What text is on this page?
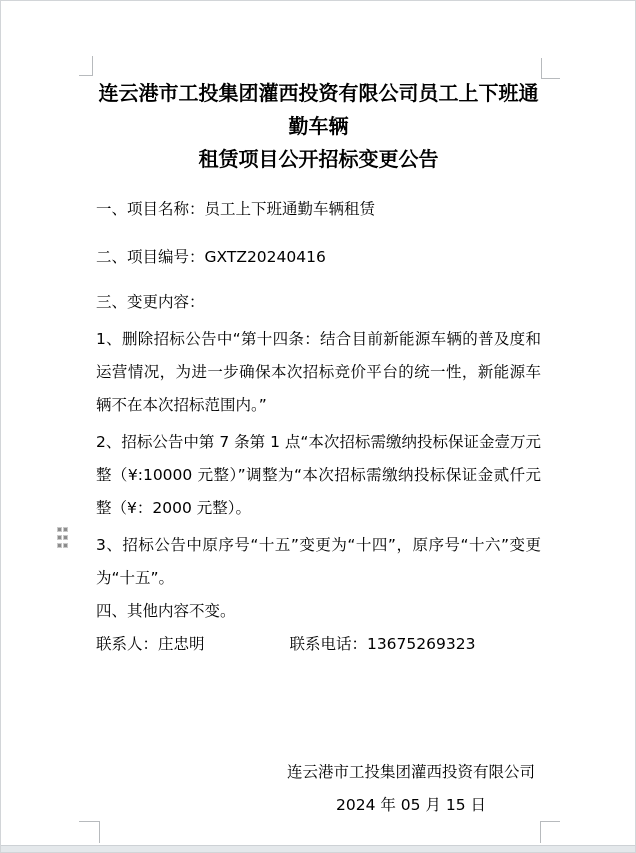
连云港市工投集团灌西投资有限公司员工上下班通勤车辆
租赁项目公开招标变更公告

一、项目名称：员工上下班通勤车辆租赁

二、项目编号：GXTZ20240416

三、变更内容：

1、删除招标公告中“第十四条：结合目前新能源车辆的普及度和运营情况，为进一步确保本次招标竞价平台的统一性，新能源车辆不在本次招标范围内。”

2、招标公告中第 7 条第 1 点“本次招标需缴纳投标保证金壹万元整（¥:10000 元整）”调整为“本次招标需缴纳投标保证金贰仟元整（¥：2000 元整）。

3、招标公告中原序号“十五”变更为“十四”，原序号“十六”变更为“十五”。

四、其他内容不变。

联系人：庄忠明	联系电话：13675269323

连云港市工投集团灌西投资有限公司
2024 年 05 月 15 日
